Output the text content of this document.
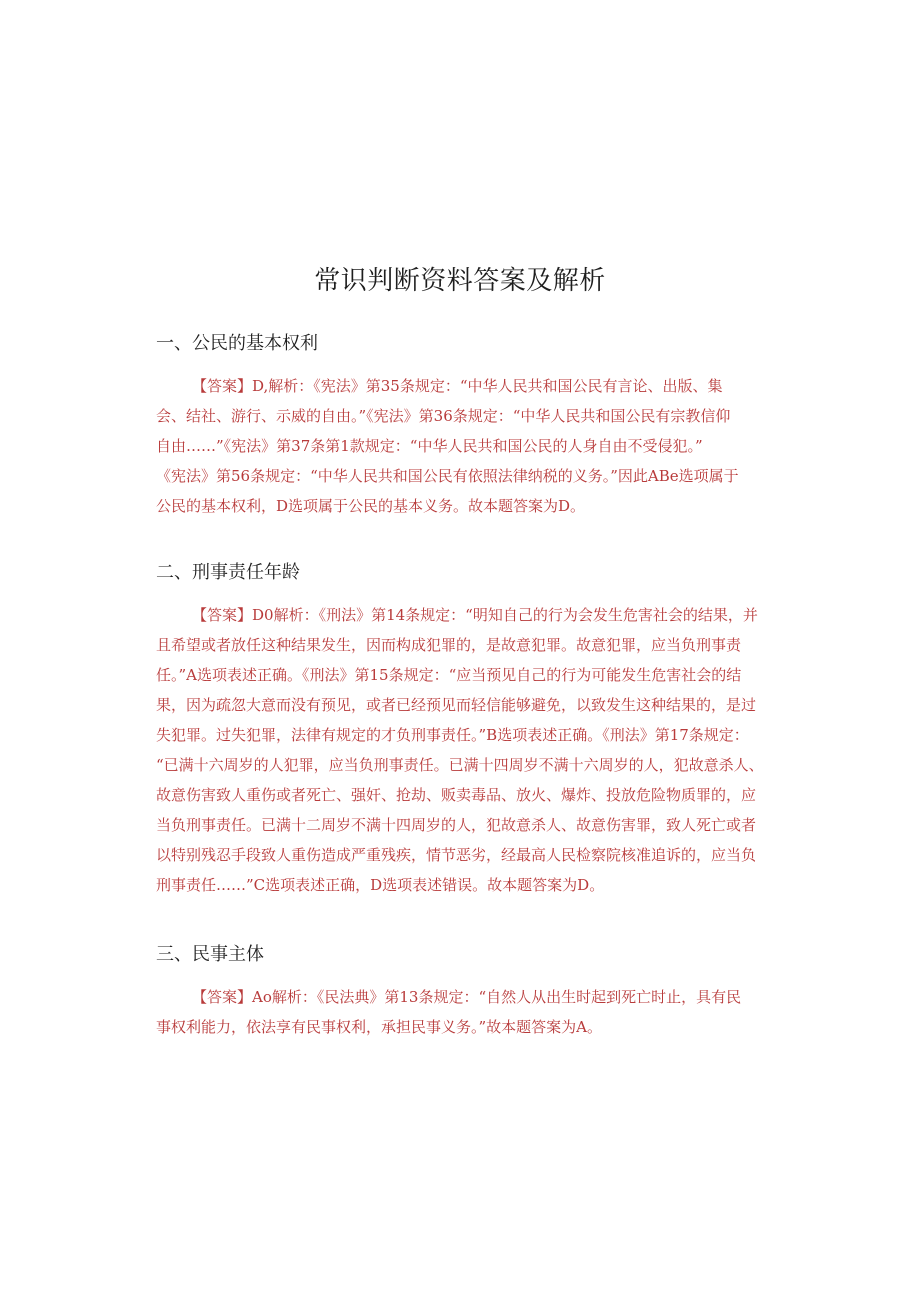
常识判断资料答案及解析
一、公民的基本权利
【答案】D,解析：《宪法》第35条规定：“中华人民共和国公民有言论、出版、集
会、结社、游行、示威的自由。”《宪法》第36条规定：“中华人民共和国公民有宗教信仰
自由……”《宪法》第37条第1款规定：“中华人民共和国公民的人身自由不受侵犯。”
《宪法》第56条规定：“中华人民共和国公民有依照法律纳税的义务。”因此ABe选项属于
公民的基本权利，D选项属于公民的基本义务。故本题答案为D。
二、刑事责任年龄
【答案】D0解析：《刑法》第14条规定：“明知自己的行为会发生危害社会的结果，并
且希望或者放任这种结果发生，因而构成犯罪的，是故意犯罪。故意犯罪，应当负刑事责
任。”A选项表述正确。《刑法》第15条规定：“应当预见自己的行为可能发生危害社会的结
果，因为疏忽大意而没有预见，或者已经预见而轻信能够避免，以致发生这种结果的，是过
失犯罪。过失犯罪，法律有规定的才负刑事责任。”B选项表述正确。《刑法》第17条规定：
“已满十六周岁的人犯罪，应当负刑事责任。已满十四周岁不满十六周岁的人，犯故意杀人、
故意伤害致人重伤或者死亡、强奸、抢劫、贩卖毒品、放火、爆炸、投放危险物质罪的，应
当负刑事责任。已满十二周岁不满十四周岁的人，犯故意杀人、故意伤害罪，致人死亡或者
以特别残忍手段致人重伤造成严重残疾，情节恶劣，经最高人民检察院核准追诉的，应当负
刑事责任……”C选项表述正确，D选项表述错误。故本题答案为D。
三、民事主体
【答案】Ao解析：《民法典》第13条规定：“自然人从出生时起到死亡时止，具有民
事权利能力，依法享有民事权利，承担民事义务。”故本题答案为A。
